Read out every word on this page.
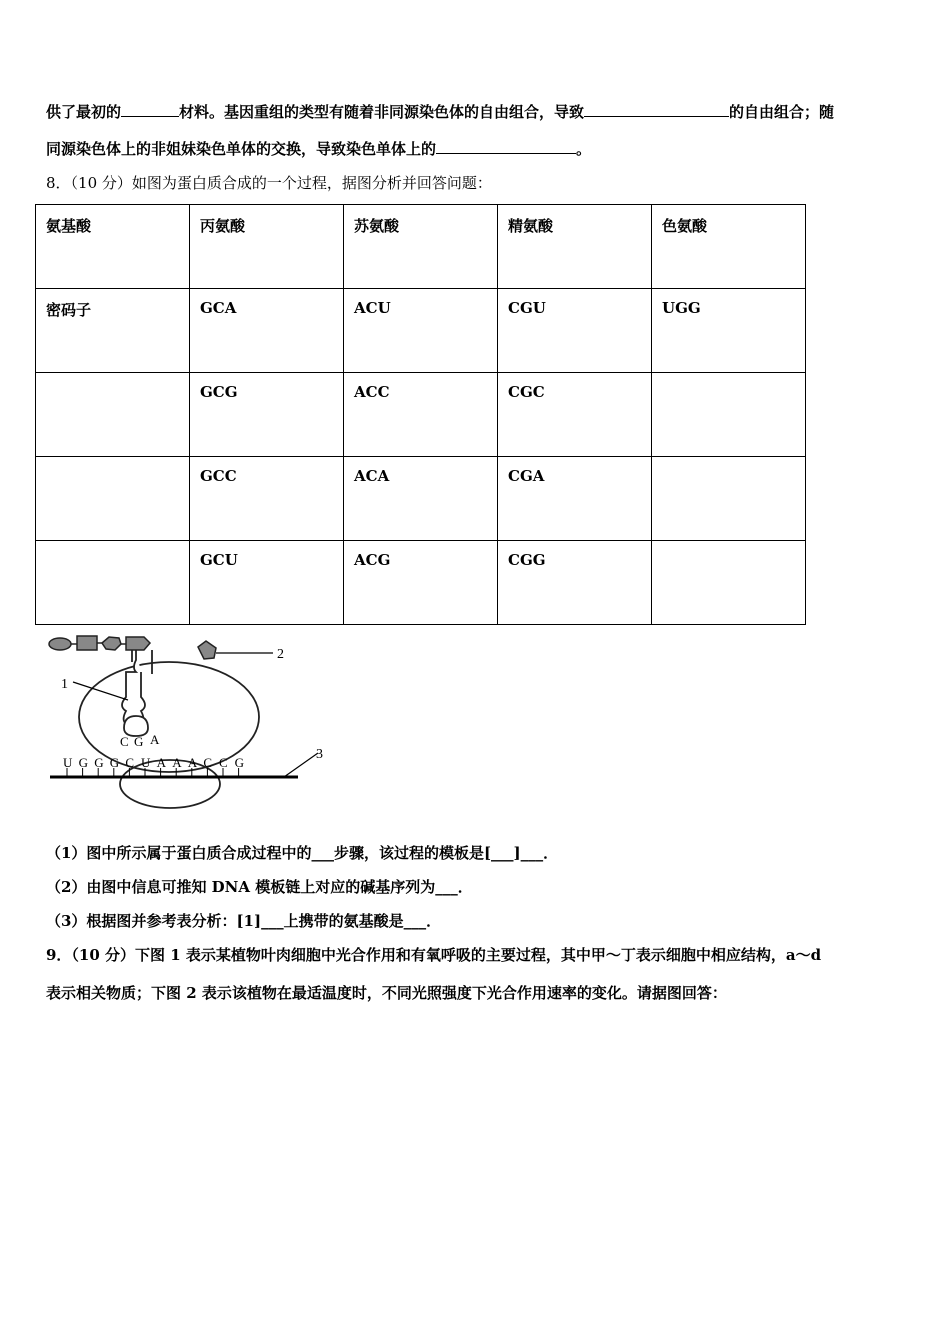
供了最初的	材料。基因重组的类型有随着非同源染色体的自由组合，导致	的自由组合；随
同源染色体上的非姐妹染色单体的交换，导致染色单体上的	。
8．（10 分）如图为蛋白质合成的一个过程，据图分析并回答问题：
氨基酸	丙氨酸	苏氨酸	精氨酸	色氨酸
密码子	GCA	ACU	CGU	UGG
	GCG	ACC	CGC	
	GCC	ACA	CGA	
	GCU	ACG	CGG	
2
1
C G A
3
U G G G C U A A A C C G
（1）图中所示属于蛋白质合成过程中的___步骤，该过程的模板是[___]___．
（2）由图中信息可推知 DNA 模板链上对应的碱基序列为___．
（3）根据图并参考表分析：[1]___上携带的氨基酸是___．
9．（10 分）下图 1 表示某植物叶肉细胞中光合作用和有氧呼吸的主要过程，其中甲～丁表示细胞中相应结构，a～d
表示相关物质；下图 2 表示该植物在最适温度时，不同光照强度下光合作用速率的变化。请据图回答：
